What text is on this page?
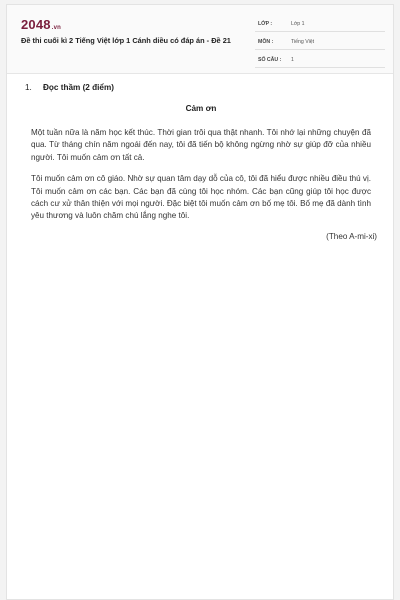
2048.vn
Đề thi cuối kì 2 Tiếng Việt lớp 1 Cánh diều có đáp án - Đề 21
LỚP :	Lớp 1
MÔN :	Tiếng Việt
SỐ CÂU : 1
1. Đọc thầm (2 điểm)
Cảm ơn

Một tuần nữa là năm học kết thúc. Thời gian trôi qua thật nhanh. Tôi nhớ lại những chuyện đã qua. Từ tháng chín năm ngoái đến nay, tôi đã tiến bộ không ngừng nhờ sự giúp đỡ của nhiều người. Tôi muốn cảm ơn tất cả.

Tôi muốn cảm ơn cô giáo. Nhờ sự quan tâm dạy dỗ của cô, tôi đã hiểu được nhiều điều thú vị. Tôi muốn cảm ơn các bạn. Các bạn đã cùng tôi học nhóm. Các bạn cũng giúp tôi học được cách cư xử thân thiện với mọi người. Đặc biệt tôi muốn cảm ơn bố mẹ tôi. Bố mẹ đã dành tình yêu thương và luôn chăm chú lắng nghe tôi.

(Theo A-mi-xi)
